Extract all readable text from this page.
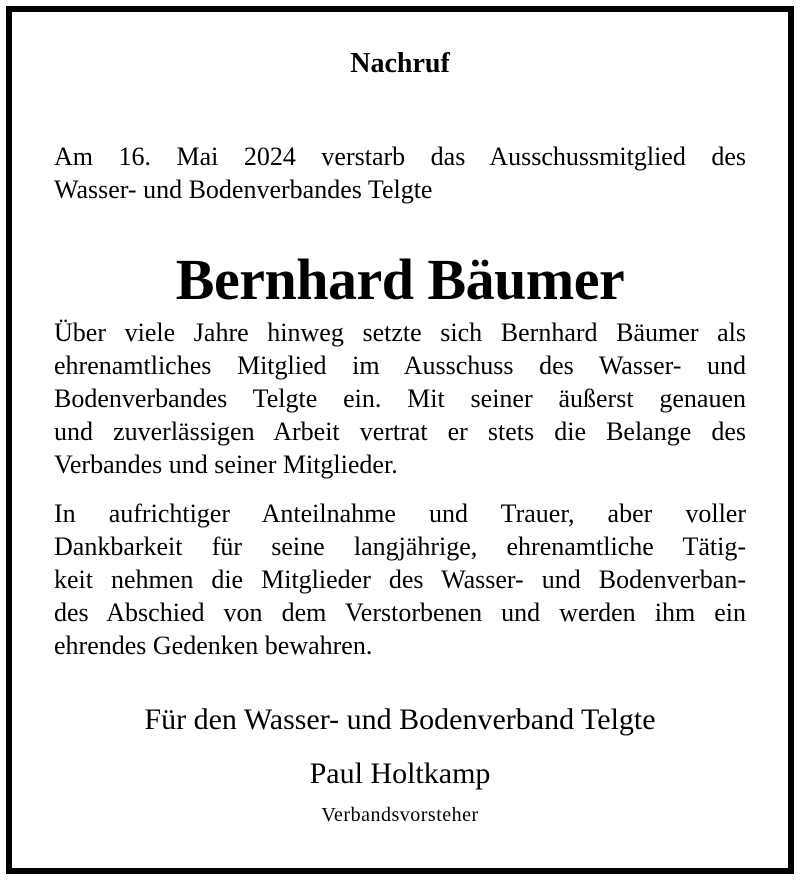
Nachruf
Am 16. Mai 2024 verstarb das Ausschussmitglied des
Wasser- und Bodenverbandes Telgte
Bernhard Bäumer
Über viele Jahre hinweg setzte sich Bernhard Bäumer als
ehrenamtliches Mitglied im Ausschuss des Wasser- und
Bodenverbandes Telgte ein. Mit seiner äußerst genauen
und zuverlässigen Arbeit vertrat er stets die Belange des
Verbandes und seiner Mitglieder.
In aufrichtiger Anteilnahme und Trauer, aber voller
Dankbarkeit für seine langjährige, ehrenamtliche Tätig-
keit nehmen die Mitglieder des Wasser- und Bodenverban-
des Abschied von dem Verstorbenen und werden ihm ein
ehrendes Gedenken bewahren.
Für den Wasser- und Bodenverband Telgte
Paul Holtkamp
Verbandsvorsteher
